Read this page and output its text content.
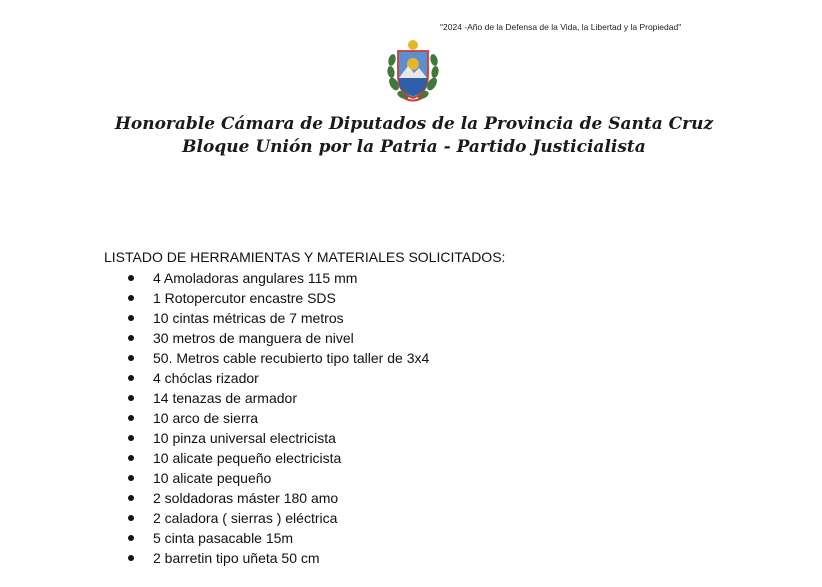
"2024 -Año de la Defensa de la Vida, la Libertad y la Propiedad"
Honorable Cámara de Diputados de la Provincia de Santa Cruz
Bloque Unión por la Patria - Partido Justicialista
LISTADO DE HERRAMIENTAS Y MATERIALES SOLICITADOS:
4 Amoladoras angulares 115 mm
1 Rotopercutor encastre SDS
10 cintas métricas de 7 metros
30 metros de manguera de nivel
50. Metros cable recubierto tipo taller de 3x4
4 chóclas rizador
14 tenazas de armador
10 arco de sierra
10 pinza universal electricista
10 alicate pequeño electricista
10 alicate pequeño
2 soldadoras máster 180 amo
2 caladora ( sierras ) eléctrica
5 cinta pasacable 15m
2 barretin tipo uñeta 50 cm
